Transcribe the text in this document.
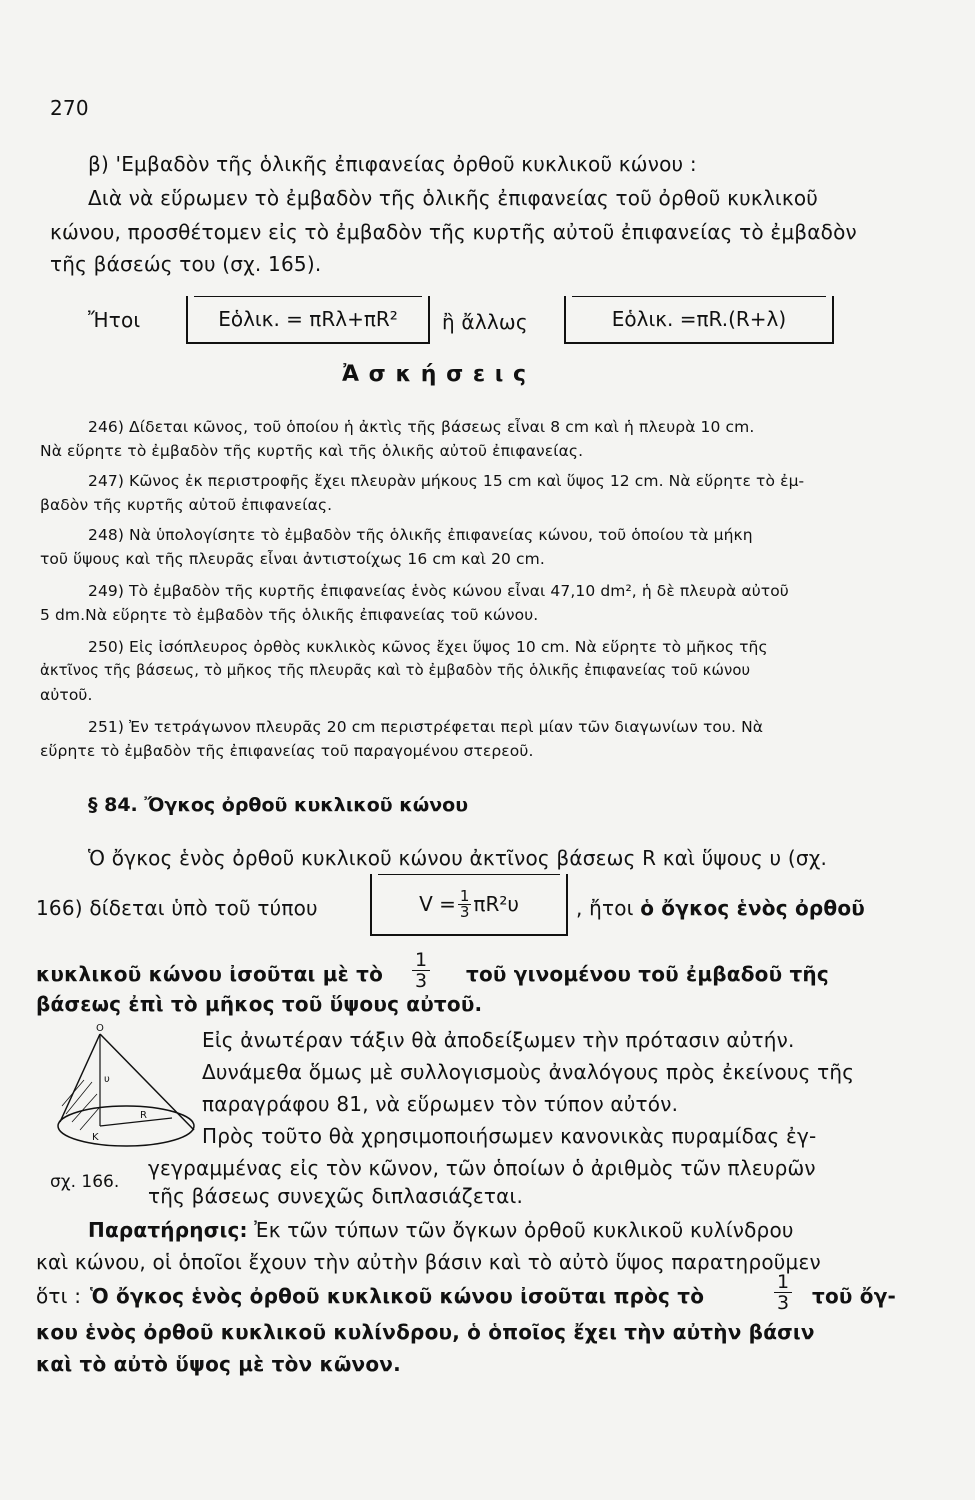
270
β) 'Εμβαδὸν τῆς ὁλικῆς ἐπιφανείας ὀρθοῦ κυκλικοῦ κώνου :
Διὰ νὰ εὕρωμεν τὸ ἐμβαδὸν τῆς ὁλικῆς ἐπιφανείας τοῦ ὀρθοῦ κυκλικοῦ
κώνου, προσθέτομεν εἰς τὸ ἐμβαδὸν τῆς κυρτῆς αὐτοῦ ἐπιφανείας τὸ ἐμβαδὸν
τῆς βάσεώς του (σχ. 165).
Ἤτοι	Εὁλικ. = πRλ+πR² ἢ ἄλλως	Εὁλικ. =πR.(R+λ)
Ἀ σ κ ή σ ε ι ς
246) Δίδεται κῶνος, τοῦ ὁποίου ἡ ἀκτὶς τῆς βάσεως εἶναι 8 cm καὶ ἡ πλευρὰ 10 cm.
Νὰ εὕρητε τὸ ἐμβαδὸν τῆς κυρτῆς καὶ τῆς ὁλικῆς αὐτοῦ ἐπιφανείας.
247) Κῶνος ἐκ περιστροφῆς ἔχει πλευρὰν μήκους 15 cm καὶ ὕψος 12 cm. Νὰ εὕρητε τὸ ἐμ-
βαδὸν τῆς κυρτῆς αὐτοῦ ἐπιφανείας.
248) Νὰ ὑπολογίσητε τὸ ἐμβαδὸν τῆς ὁλικῆς ἐπιφανείας κώνου, τοῦ ὁποίου τὰ μήκη
τοῦ ὕψους καὶ τῆς πλευρᾶς εἶναι ἀντιστοίχως 16 cm καὶ 20 cm.
249) Τὸ ἐμβαδὸν τῆς κυρτῆς ἐπιφανείας ἑνὸς κώνου εἶναι 47,10 dm², ἡ δὲ πλευρὰ αὐτοῦ
5 dm.Νὰ εὕρητε τὸ ἐμβαδὸν τῆς ὁλικῆς ἐπιφανείας τοῦ κώνου.
250) Εἰς ἰσόπλευρος ὀρθὸς κυκλικὸς κῶνος ἔχει ὕψος 10 cm. Νὰ εὕρητε τὸ μῆκος τῆς
ἀκτῖνος τῆς βάσεως, τὸ μῆκος τῆς πλευρᾶς καὶ τὸ ἐμβαδὸν τῆς ὁλικῆς ἐπιφανείας τοῦ κώνου
αὐτοῦ.
251) Ἐν τετράγωνον πλευρᾶς 20 cm περιστρέφεται περὶ μίαν τῶν διαγωνίων του. Νὰ
εὕρητε τὸ ἐμβαδὸν τῆς ἐπιφανείας τοῦ παραγομένου στερεοῦ.
§ 84. Ὄγκος ὀρθοῦ κυκλικοῦ κώνου
Ὁ ὄγκος ἑνὸς ὀρθοῦ κυκλικοῦ κώνου ἀκτῖνος βάσεως R καὶ ὕψους υ (σχ.
166) δίδεται ὑπὸ τοῦ τύπου	$V = \frac{1}{3} \pi R^2\upsilon$	, ἤτοι ὁ ὄγκος ἑνὸς ὀρθοῦ
κυκλικοῦ κώνου ἰσοῦται μὲ τὸ $\frac{1}{3}$ τοῦ γινομένου τοῦ ἐμβαδοῦ τῆς
βάσεως ἐπὶ τὸ μῆκος τοῦ ὕψους αὐτοῦ.
Ο
υ
Κ
R
σχ. 166.
Εἰς ἀνωτέραν τάξιν θὰ ἀποδείξωμεν τὴν πρότασιν αὐτήν.
Δυνάμεθα ὅμως μὲ συλλογισμοὺς ἀναλόγους πρὸς ἐκείνους τῆς
παραγράφου 81, νὰ εὕρωμεν τὸν τύπον αὐτόν.
Πρὸς τοῦτο θὰ χρησιμοποιήσωμεν κανονικὰς πυραμίδας ἐγ-
γεγραμμένας εἰς τὸν κῶνον, τῶν ὁποίων ὁ ἀριθμὸς τῶν πλευρῶν
τῆς βάσεως συνεχῶς διπλασιάζεται.
Παρατήρησις: Ἐκ τῶν τύπων τῶν ὄγκων ὀρθοῦ κυκλικοῦ κυλίνδρου
καὶ κώνου, οἱ ὁποῖοι ἔχουν τὴν αὐτὴν βάσιν καὶ τὸ αὐτὸ ὕψος παρατηροῦμεν
ὅτι : Ὁ ὄγκος ἑνὸς ὀρθοῦ κυκλικοῦ κώνου ἰσοῦται πρὸς τὸ	$\frac{1}{3}$ τοῦ ὄγ-
κου ἑνὸς ὀρθοῦ κυκλικοῦ κυλίνδρου, ὁ ὁποῖος ἔχει τὴν αὐτὴν βάσιν
καὶ τὸ αὐτὸ ὕψος μὲ τὸν κῶνον.
